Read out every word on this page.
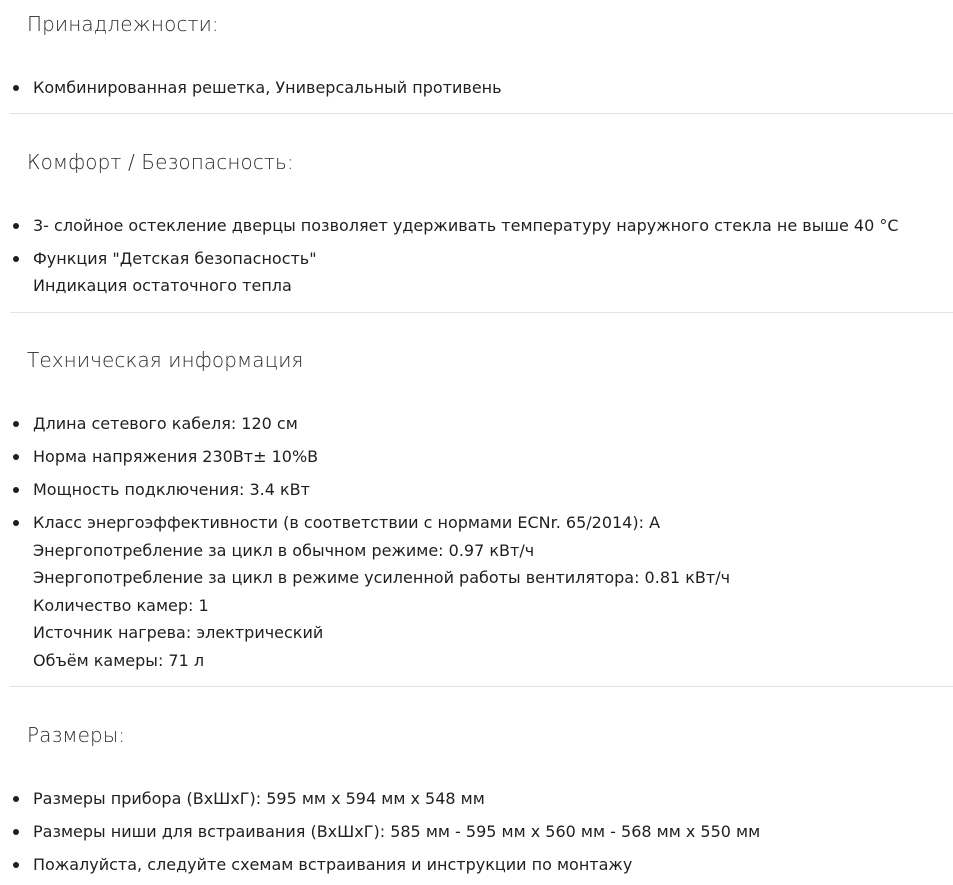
Принадлежности:
Комбинированная решетка, Универсальный противень
Комфорт / Безопасность:
3- слойное остекление дверцы позволяет удерживать температуру наружного стекла не выше 40 °C
Функция "Детская безопасность"
Индикация остаточного тепла
Техническая информация
Длина сетевого кабеля: 120 см
Норма напряжения 230Вт± 10%В
Мощность подключения: 3.4 кВт
Класс энергоэффективности (в соответствии с нормами ECNr. 65/2014): A
Энергопотребление за цикл в обычном режиме: 0.97 кВт/ч
Энергопотребление за цикл в режиме усиленной работы вентилятора: 0.81 кВт/ч
Количество камер: 1
Источник нагрева: электрический
Объём камеры: 71 л
Размеры:
Размеры прибора (ВхШхГ): 595 мм x 594 мм x 548 мм
Размеры ниши для встраивания (ВхШхГ): 585 мм - 595 мм x 560 мм - 568 мм x 550 мм
Пожалуйста, следуйте схемам встраивания и инструкции по монтажу
